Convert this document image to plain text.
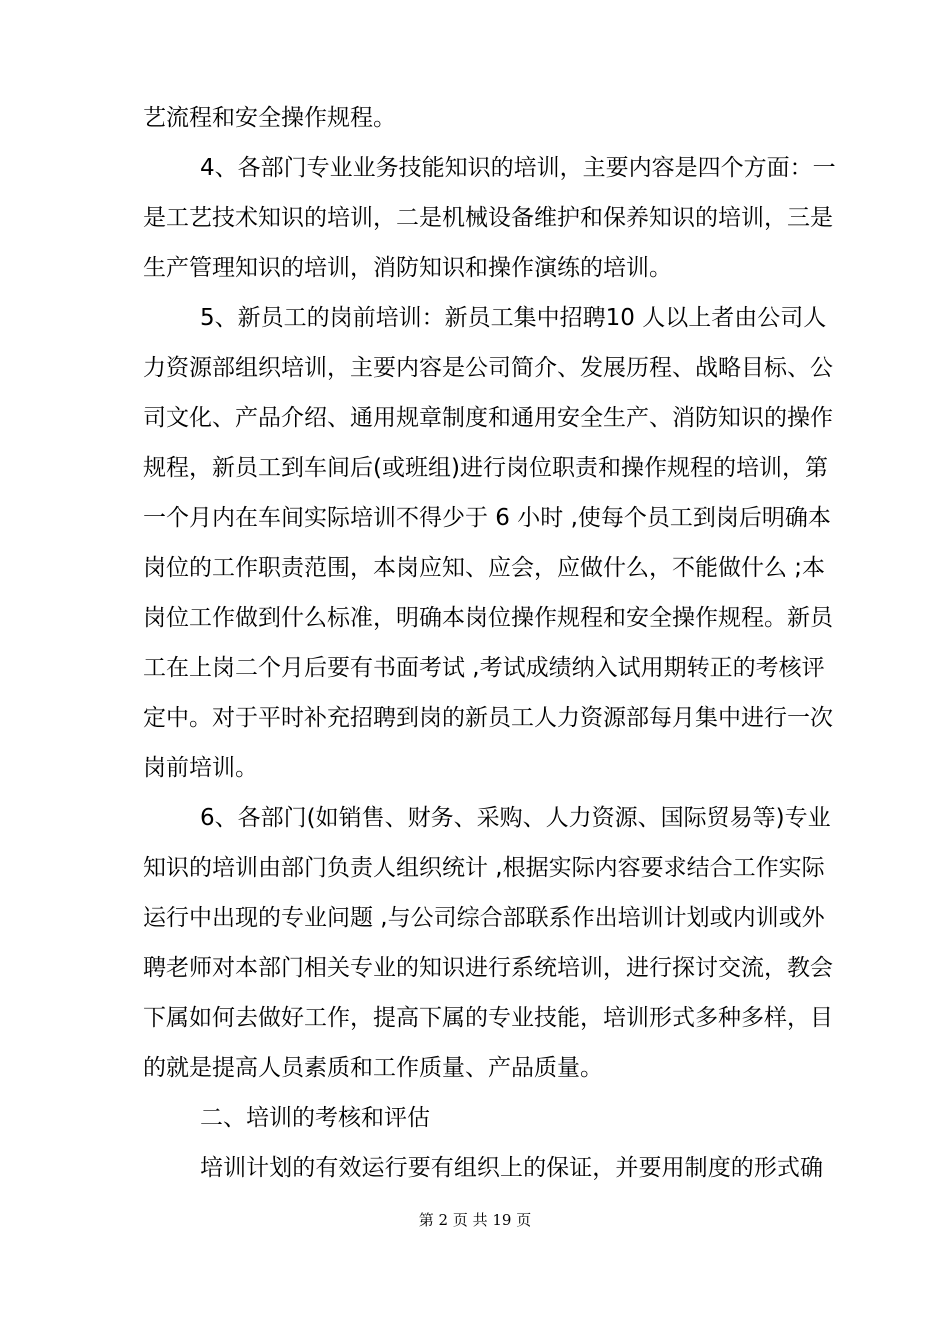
艺流程和安全操作规程。
4、各部门专业业务技能知识的培训，主要内容是四个方面：一
是工艺技术知识的培训，二是机械设备维护和保养知识的培训，三是
生产管理知识的培训，消防知识和操作演练的培训。
5、新员工的岗前培训：新员工集中招聘10 人以上者由公司人
力资源部组织培训，主要内容是公司简介、发展历程、战略目标、公
司文化、产品介绍、通用规章制度和通用安全生产、消防知识的操作
规程，新员工到车间后(或班组)进行岗位职责和操作规程的培训，第
一个月内在车间实际培训不得少于 6 小时 ,使每个员工到岗后明确本
岗位的工作职责范围，本岗应知、应会，应做什么，不能做什么 ;本
岗位工作做到什么标准，明确本岗位操作规程和安全操作规程。新员
工在上岗二个月后要有书面考试 ,考试成绩纳入试用期转正的考核评
定中。对于平时补充招聘到岗的新员工人力资源部每月集中进行一次
岗前培训。
6、各部门(如销售、财务、采购、人力资源、国际贸易等)专业
知识的培训由部门负责人组织统计 ,根据实际内容要求结合工作实际
运行中出现的专业问题 ,与公司综合部联系作出培训计划或内训或外
聘老师对本部门相关专业的知识进行系统培训，进行探讨交流，教会
下属如何去做好工作，提高下属的专业技能，培训形式多种多样，目
的就是提高人员素质和工作质量、产品质量。
二、培训的考核和评估
培训计划的有效运行要有组织上的保证，并要用制度的形式确
第 2 页 共 19 页
